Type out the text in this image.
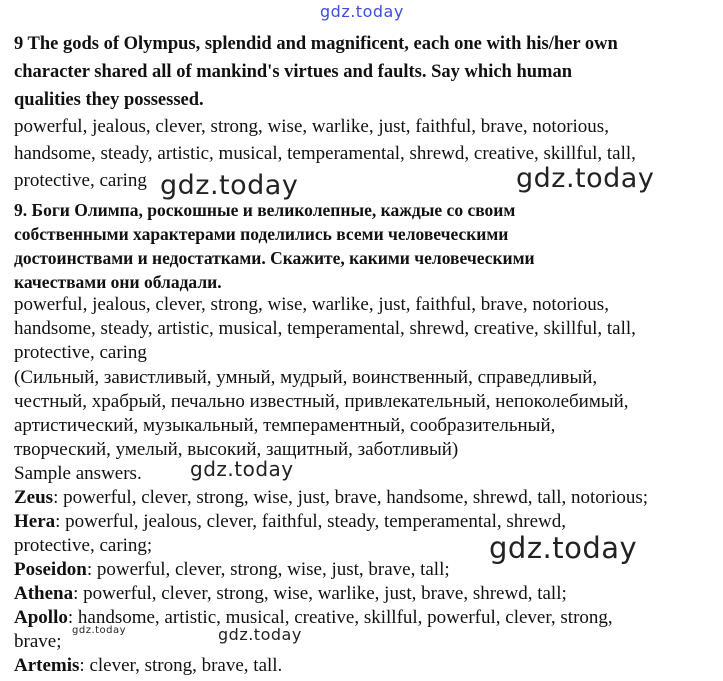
gdz.today
gdz.today	gdz.today
gdz.today
gdz.today
gdz.today	gdz.today
9 The gods of Olympus, splendid and magnificent, each one with his/her own
character shared all of mankind's virtues and faults. Say which human
qualities they possessed.
powerful, jealous, clever, strong, wise, warlike, just, faithful, brave, notorious,
handsome, steady, artistic, musical, temperamental, shrewd, creative, skillful, tall,
protective, caring
9. Боги Олимпа, роскошные и великолепные, каждые со своим
собственными характерами поделились всеми человеческими
достоинствами и недостатками. Скажите, какими человеческими
качествами они обладали.
powerful, jealous, clever, strong, wise, warlike, just, faithful, brave, notorious,
handsome, steady, artistic, musical, temperamental, shrewd, creative, skillful, tall,
protective, caring
(Сильный, завистливый, умный, мудрый, воинственный, справедливый,
честный, храбрый, печально известный, привлекательный, непоколебимый,
артистический, музыкальный, темпераментный, сообразительный,
творческий, умелый, высокий, защитный, заботливый)
Sample answers.
Zeus: powerful, clever, strong, wise, just, brave, handsome, shrewd, tall, notorious;
Hera: powerful, jealous, clever, faithful, steady, temperamental, shrewd,
protective, caring;
Poseidon: powerful, clever, strong, wise, just, brave, tall;
Athena: powerful, clever, strong, wise, warlike, just, brave, shrewd, tall;
Apollo: handsome, artistic, musical, creative, skillful, powerful, clever, strong,
brave;
Artemis: clever, strong, brave, tall.
